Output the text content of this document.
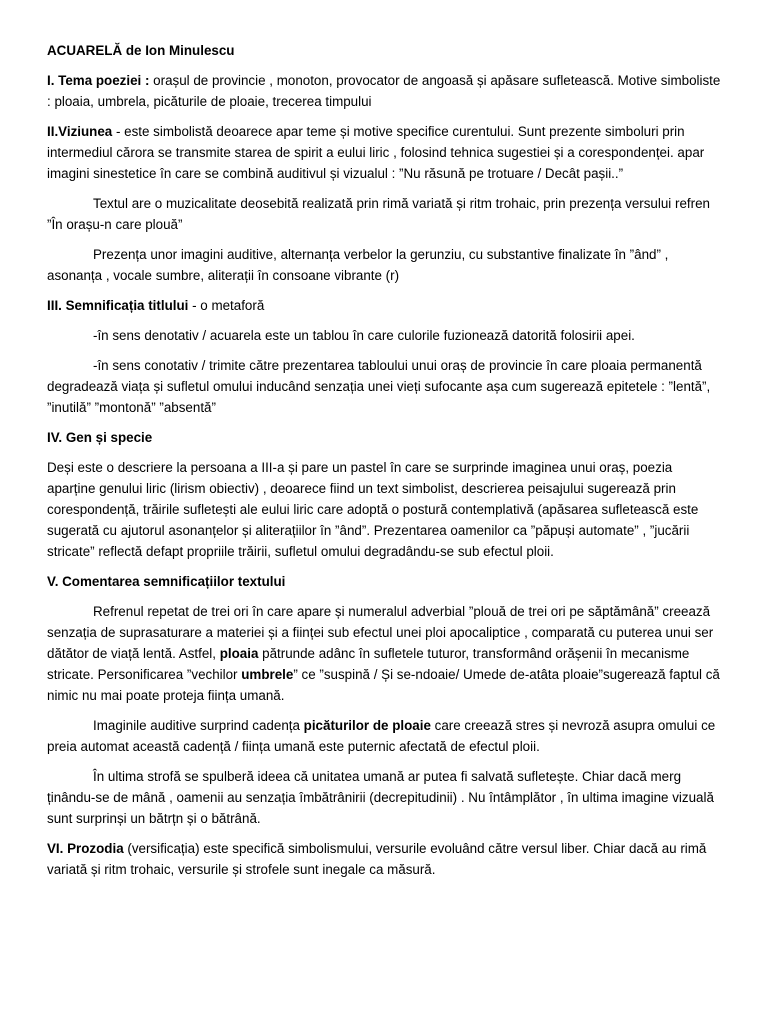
ACUARELĂ de Ion Minulescu

I. Tema poeziei : orașul de provincie , monoton, provocator de angoasă și apăsare sufletească. Motive simboliste : ploaia, umbrela, picăturile de ploaie, trecerea timpului

II.Viziunea - este simbolistă deoarece apar teme și motive specifice curentului. Sunt prezente simboluri prin intermediul cărora se transmite starea de spirit a eului liric , folosind tehnica sugestiei și a corespondenței. apar imagini sinestetice în care se combină auditivul și vizualul : ”Nu răsună pe trotuare / Decât pașii..”

Textul are o muzicalitate deosebită realizată prin rimă variată și ritm trohaic, prin prezența versului refren ”În orașu-n care plouă”

Prezența unor imagini auditive, alternanța verbelor la gerunziu, cu substantive finalizate în ”ând” , asonanța , vocale sumbre, aliterații în consoane vibrante (r)

III. Semnificația titlului - o metaforă

-în sens denotativ / acuarela este un tablou în care culorile fuzionează datorită folosirii apei.

-în sens conotativ / trimite către prezentarea tabloului unui oraș de provincie în care ploaia permanentă degradează viața și sufletul omului inducând senzația unei vieți sufocante așa cum sugerează epitetele : ”lentă”, ”inutilă” ”montonă” ”absentă”

IV. Gen și specie

Deși este o descriere la persoana a III-a și pare un pastel în care se surprinde imaginea unui oraș, poezia aparține genului liric (lirism obiectiv) , deoarece fiind un text simbolist, descrierea peisajului sugerează prin corespondență, trăirile sufletești ale eului liric care adoptă o postură contemplativă (apăsarea sufletească este sugerată cu ajutorul asonanțelor și aliterațiilor în ”ând”. Prezentarea oamenilor ca ”păpuși automate” , ”jucării stricate” reflectă defapt propriile trăirii, sufletul omului degradându-se sub efectul ploii.

V. Comentarea semnificațiilor textului

Refrenul repetat de trei ori în care apare și numeralul adverbial ”plouă de trei ori pe săptămână” creează senzația de suprasaturare a materiei și a ființei sub efectul unei ploi apocaliptice , comparată cu puterea unui ser dătător de viață lentă. Astfel, ploaia pătrunde adânc în sufletele tuturor, transformând orășenii în mecanisme stricate. Personificarea ”vechilor umbrele” ce ”suspină / Și se-ndoaie/ Umede de-atâta ploaie”sugerează faptul că nimic nu mai poate proteja ființa umană.

Imaginile auditive surprind cadența picăturilor de ploaie care creează stres și nevroză asupra omului ce preia automat această cadență / ființa umană este puternic afectată de efectul ploii.

În ultima strofă se spulberă ideea că unitatea umană ar putea fi salvată sufletește. Chiar dacă merg ținându-se de mână , oamenii au senzația îmbătrânirii (decrepitudinii) . Nu întâmplător , în ultima imagine vizuală sunt surprinși un bătrțn și o bătrână.

VI. Prozodia (versificația) este specifică simbolismului, versurile evoluând către versul liber. Chiar dacă au rimă variată și ritm trohaic, versurile și strofele sunt inegale ca măsură.
